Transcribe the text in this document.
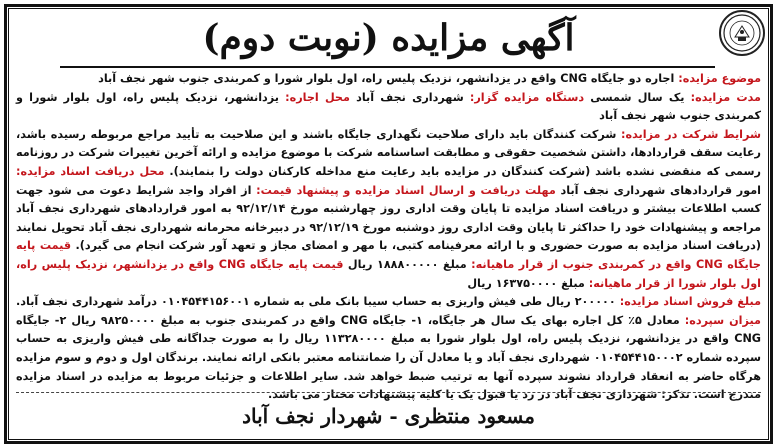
آگهی مزایده (نوبت دوم)

موضوع مزایده: اجاره دو جایگاه CNG واقع در یزدانشهر، نزدیک پلیس راه، اول بلوار شورا و کمربندی جنوب شهر نجف آباد

مدت مزایده: یک سال شمسی دستگاه مزایده گزار: شهرداری نجف آباد محل اجاره: یزدانشهر، نزدیک پلیس راه، اول بلوار شورا و کمربندی جنوب شهر نجف آباد

شرایط شرکت در مزایده: شرکت کنندگان باید دارای صلاحیت نگهداری جایگاه باشند و این صلاحیت به تأیید مراجع مربوطه رسیده باشد، رعایت سقف قراردادها، داشتن شخصیت حقوقی و مطابقت اساسنامه شرکت با موضوع مزایده و ارائه آخرین تغییرات شرکت در روزنامه رسمی که منقضی نشده باشد (شرکت کنندگان در مزایده باید رعایت منع مداخله کارکنان دولت را بنمایند). محل دریافت اسناد مزایده: امور قراردادهای شهرداری نجف آباد مهلت دریافت و ارسال اسناد مزایده و پیشنهاد قیمت: از افراد واجد شرایط دعوت می شود جهت کسب اطلاعات بیشتر و دریافت اسناد مزایده تا پایان وقت اداری روز چهارشنبه مورخ ۹۲/۱۲/۱۴ به امور قراردادهای شهرداری نجف آباد مراجعه و پیشنهادات خود را حداکثر تا پایان وقت اداری روز دوشنبه مورخ ۹۲/۱۲/۱۹ در دبیرخانه محرمانه شهرداری نجف آباد تحویل نمایند (دریافت اسناد مزایده به صورت حضوری و با ارائه معرفینامه کتبی، با مهر و امضای مجاز و تعهد آور شرکت انجام می گیرد). قیمت پایه جایگاه CNG واقع در کمربندی جنوب از قرار ماهیانه: مبلغ ۱۸۸۸۰۰۰۰۰ ریال قیمت پایه جایگاه CNG واقع در یزدانشهر، نزدیک پلیس راه، اول بلوار شورا از قرار ماهیانه: مبلغ ۱۶۳۷۵۰۰۰۰ ریال

مبلغ فروش اسناد مزایده: ۲۰۰۰۰۰ ریال طی فیش واریزی به حساب سیبا بانک ملی به شماره ۰۱۰۴۵۴۴۱۵۶۰۰۱ درآمد شهرداری نجف آباد. میزان سپرده: معادل ۵٪ کل اجاره بهای یک سال هر جایگاه، ۱- جایگاه CNG واقع در کمربندی جنوب به مبلغ ۹۸۲۵۰۰۰۰ ریال ۲- جایگاه CNG واقع در یزدانشهر، نزدیک پلیس راه، اول بلوار شورا به مبلغ ۱۱۳۲۸۰۰۰۰ ریال را به صورت جداگانه طی فیش واریزی به حساب سپرده شماره ۰۱۰۴۵۴۴۱۵۰۰۰۲ شهرداری نجف آباد و یا معادل آن را ضمانتنامه معتبر بانکی ارائه نمایند. برندگان اول و دوم و سوم مزایده هرگاه حاضر به انعقاد قرارداد نشوند سپرده آنها به ترتیب ضبط خواهد شد. سایر اطلاعات و جزئیات مربوط به مزایده در اسناد مزایده مندرج است. تذکر: شهرداری نجف آباد در رد یا قبول یک یا کلیه پیشنهادات مختار می باشد.

مسعود منتظری - شهردار نجف آباد
